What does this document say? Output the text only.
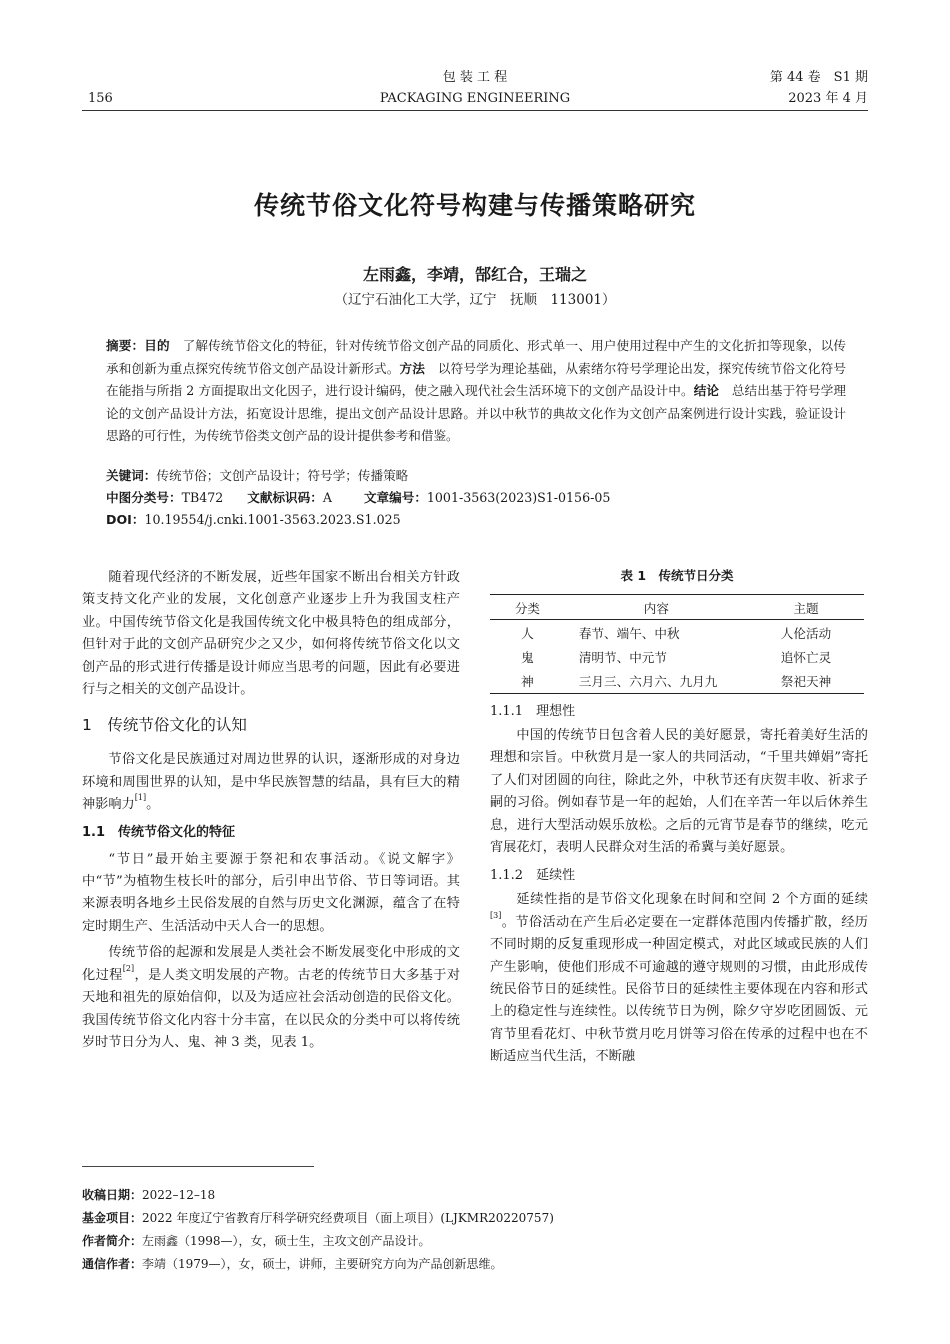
包 装 工 程	第 44 卷　S1 期
156	PACKAGING ENGINEERING	2023 年 4 月
传统节俗文化符号构建与传播策略研究
左雨鑫，李靖，郜红合，王瑞之
（辽宁石油化工大学，辽宁　抚顺　113001）
摘要：目的　 了解传统节俗文化的特征，针对传统节俗文创产品的同质化、形式单一、用户使用过程中产生的文化折扣等现象，以传承和创新为重点探究传统节俗文创产品设计新形式。方法　 以符号学为理论基础，从索绪尔符号学理论出发，探究传统节俗文化符号在能指与所指 2 方面提取出文化因子，进行设计编码，使之融入现代社会生活环境下的文创产品设计中。结论　 总结出基于符号学理论的文创产品设计方法，拓宽设计思维，提出文创产品设计思路。并以中秋节的典故文化作为文创产品案例进行设计实践，验证设计思路的可行性，为传统节俗类文创产品的设计提供参考和借鉴。
关键词：传统节俗；文创产品设计；符号学；传播策略
中图分类号：TB472 文献标识码：A	文章编号：1001-3563(2023)S1-0156-05
DOI：10.19554/j.cnki.1001-3563.2023.S1.025

随着现代经济的不断发展，近些年国家不断出台相关方针政策支持文化产业的发展，文化创意产业逐步上升为我国支柱产业。中国传统节俗文化是我国传统文化中极具特色的组成部分，但针对于此的文创产品研究少之又少，如何将传统节俗文化以文创产品的形式进行传播是设计师应当思考的问题，因此有必要进行与之相关的文创产品设计。

1　传统节俗文化的认知

节俗文化是民族通过对周边世界的认识，逐渐形成的对身边环境和周围世界的认知，是中华民族智慧的结晶，具有巨大的精神影响力[1]。

1.1　传统节俗文化的特征

“节日”最开始主要源于祭祀和农事活动。《说文解字》中“节”为植物生枝长叶的部分，后引申出节俗、节日等词语。其来源表明各地乡土民俗发展的自然与历史文化渊源，蕴含了在特定时期生产、生活活动中天人合一的思想。

传统节俗的起源和发展是人类社会不断发展变化中形成的文化过程[2]，是人类文明发展的产物。古老的传统节日大多基于对天地和祖先的原始信仰，以及为适应社会活动创造的民俗文化。我国传统节俗文化内容十分丰富，在以民众的分类中可以将传统岁时节日分为人、鬼、神 3 类，见表 1。

表 1　传统节日分类
分类	内容	主题
人	春节、端午、中秋	人伦活动
鬼	清明节、中元节	追怀亡灵
神	三月三、六月六、九月九	祭祀天神
1.1.1　理想性

中国的传统节日包含着人民的美好愿景，寄托着美好生活的理想和宗旨。中秋赏月是一家人的共同活动，“千里共婵娟”寄托了人们对团圆的向往，除此之外，中秋节还有庆贺丰收、祈求子嗣的习俗。例如春节是一年的起始，人们在辛苦一年以后休养生息，进行大型活动娱乐放松。之后的元宵节是春节的继续，吃元宵展花灯，表明人民群众对生活的希冀与美好愿景。

1.1.2　延续性

延续性指的是节俗文化现象在时间和空间 2 个方面的延续[3]。节俗活动在产生后必定要在一定群体范围内传播扩散，经历不同时期的反复重现形成一种固定模式，对此区域或民族的人们产生影响，使他们形成不可逾越的遵守规则的习惯，由此形成传统民俗节日的延续性。民俗节日的延续性主要体现在内容和形式上的稳定性与连续性。以传统节日为例，除夕守岁吃团圆饭、元宵节里看花灯、中秋节赏月吃月饼等习俗在传承的过程中也在不断适应当代生活，不断融

收稿日期：2022–12–18
基金项目：2022 年度辽宁省教育厅科学研究经费项目（面上项目）(LJKMR20220757)
作者简介：左雨鑫（1998—），女，硕士生，主攻文创产品设计。
通信作者：李靖（1979—），女，硕士，讲师，主要研究方向为产品创新思维。
